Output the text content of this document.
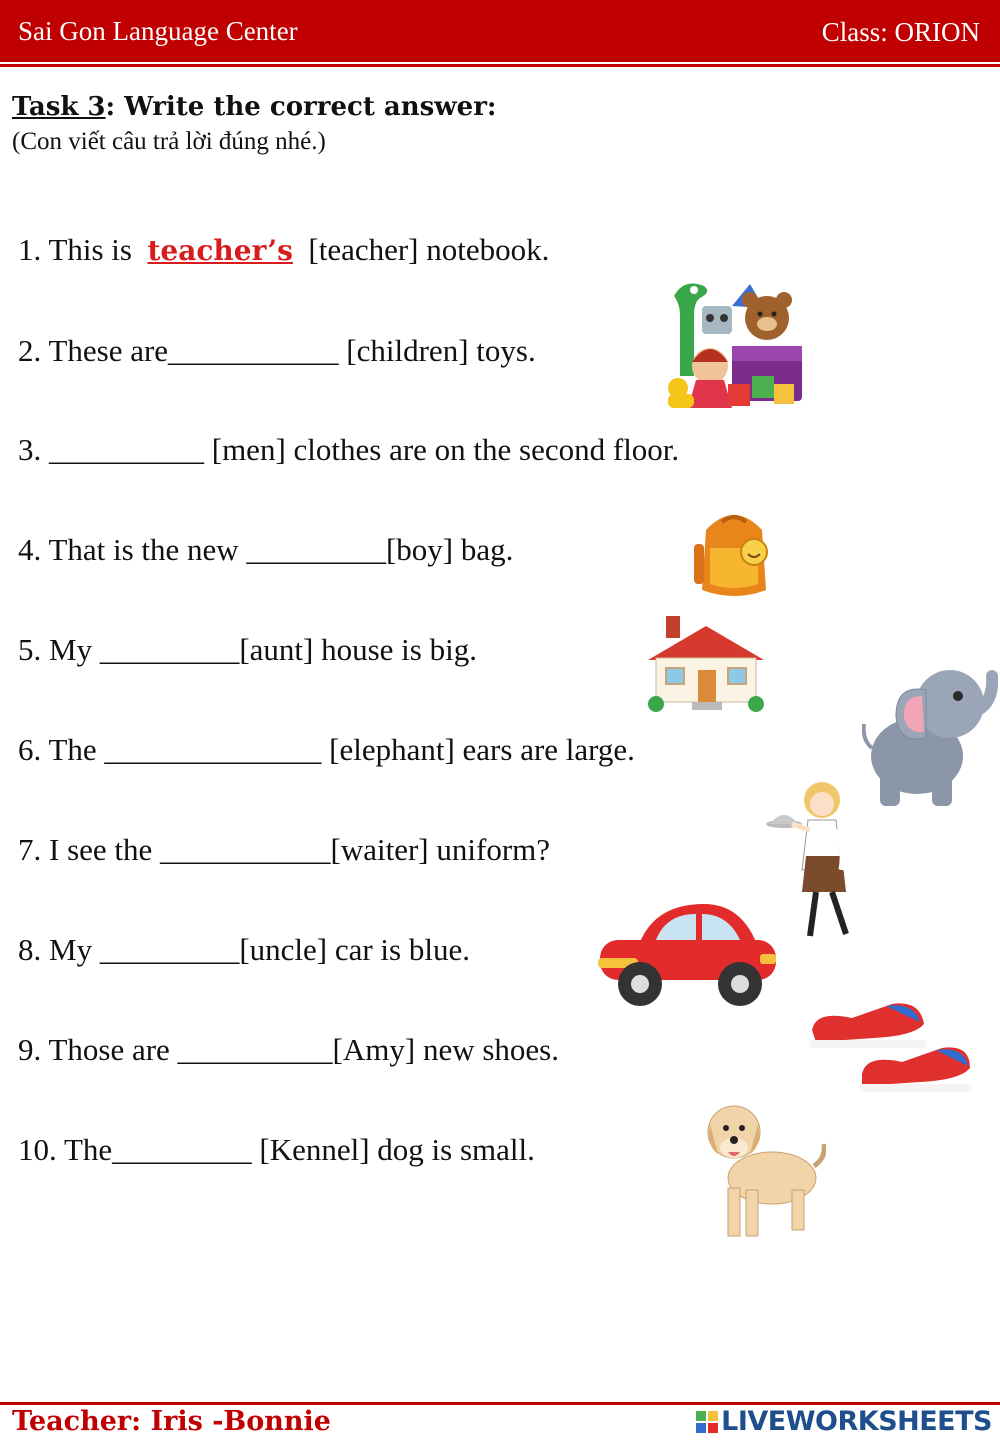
Sai Gon Language Center	Class: ORION
Task 3: Write the correct answer:
(Con viết câu trả lời đúng nhé.)
1. This is  teacher’s  [teacher] notebook.
2. These are___________ [children] toys.
3. __________ [men] clothes are on the second floor.
4. That is the new _________[boy] bag.
5. My _________[aunt] house is big.
6. The ______________ [elephant] ears are large.
7. I see the ___________[waiter] uniform?
8. My _________[uncle] car is blue.
9. Those are __________[Amy] new shoes.
10. The_________ [Kennel] dog is small.
Teacher: Iris -Bonnie	LIVEWORKSHEETS
